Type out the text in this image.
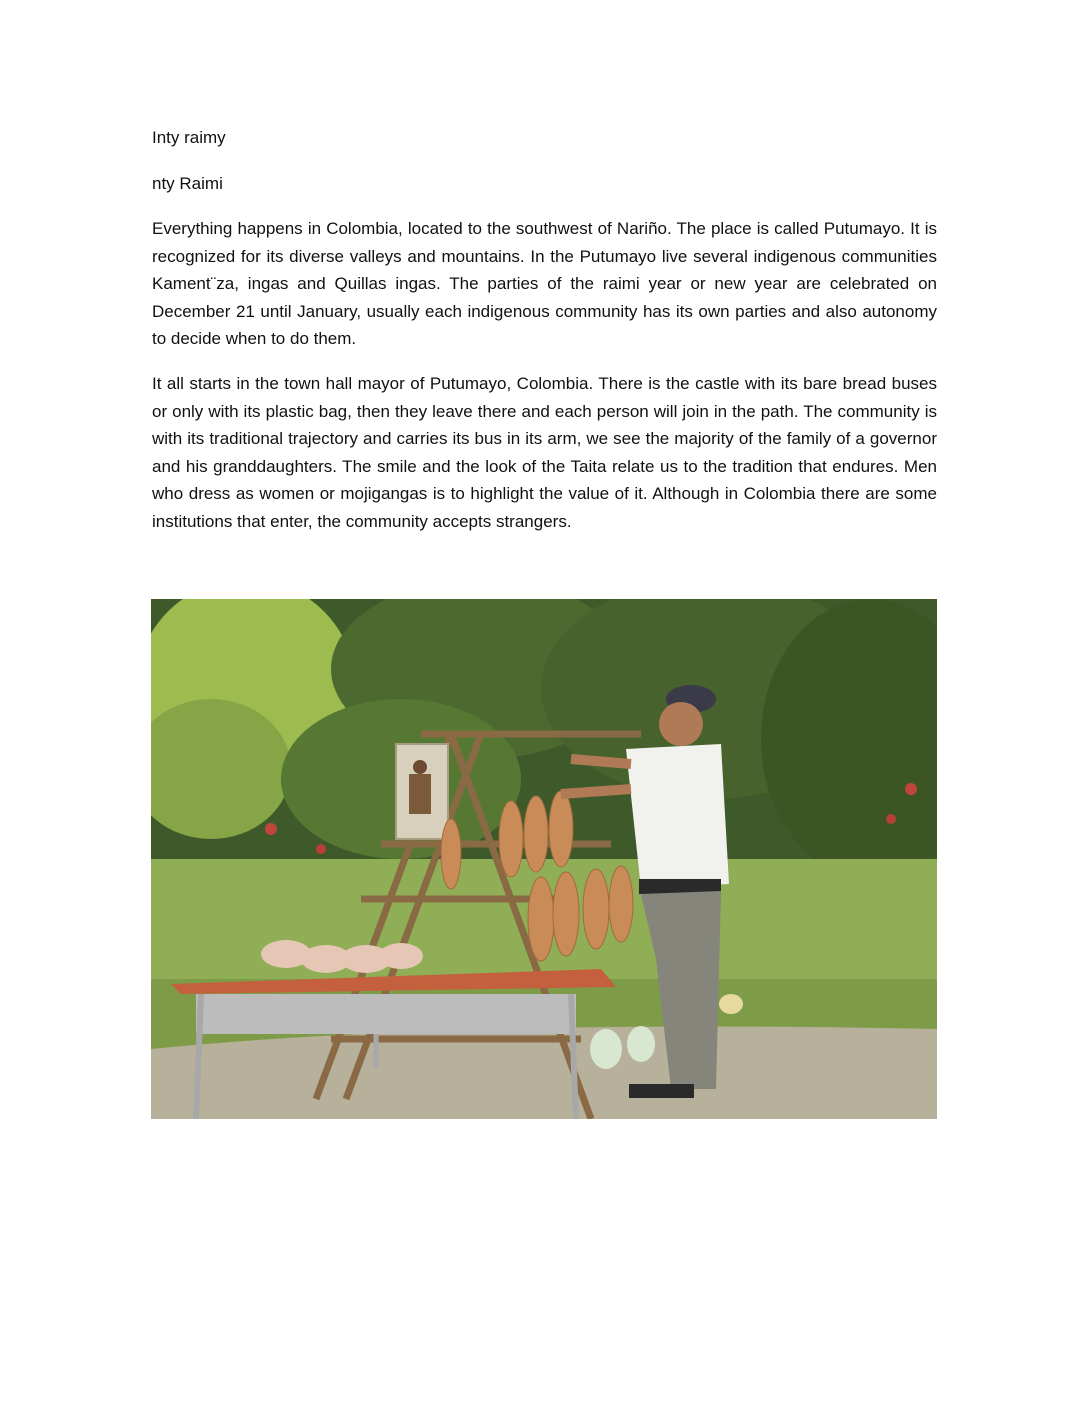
Inty raimy
nty Raimi

Everything happens in Colombia, located to the southwest of Nariño. The place is called Putumayo. It is recognized for its diverse valleys and mountains. In the Putumayo live several indigenous communities Kament¨za, ingas and Quillas ingas. The parties of the raimi year or new year are celebrated on December 21 until January, usually each indigenous community has its own parties and also autonomy to decide when to do them.

It all starts in the town hall mayor of Putumayo, Colombia. There is the castle with its bare bread buses or only with its plastic bag, then they leave there and each person will join in the path. The community is with its traditional trajectory and carries its bus in its arm, we see the majority of the family of a governor and his granddaughters. The smile and the look of the Taita relate us to the tradition that endures. Men who dress as women or mojigangas is to highlight the value of it. Although in Colombia there are some institutions that enter, the community accepts strangers.
